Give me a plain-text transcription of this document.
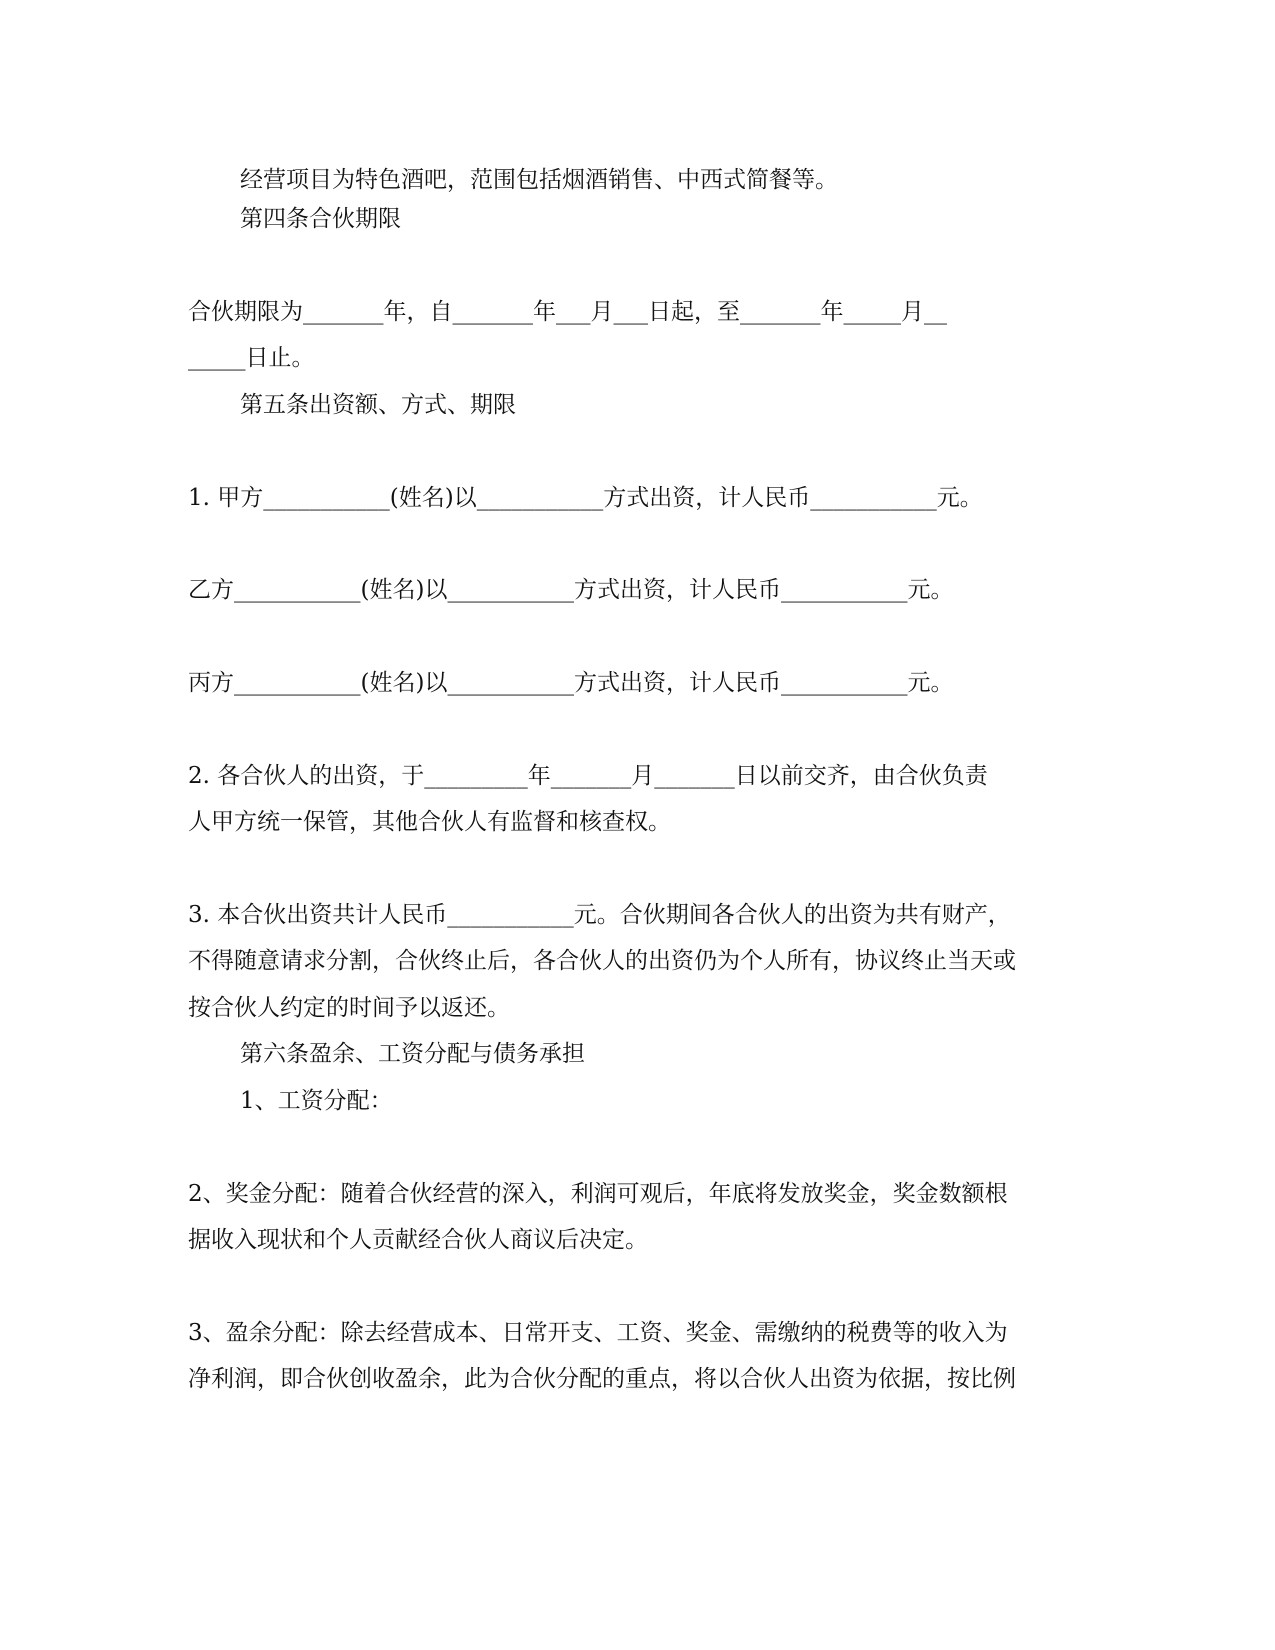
经营项目为特色酒吧，范围包括烟酒销售、中西式简餐等。
第四条合伙期限
合伙期限为_______年，自_______年___月___日起，至_______年_____月__
_____日止。
第五条出资额、方式、期限
1. 甲方___________(姓名)以___________方式出资，计人民币___________元。
乙方___________(姓名)以___________方式出资，计人民币___________元。
丙方___________(姓名)以___________方式出资，计人民币___________元。
2. 各合伙人的出资，于_________年_______月_______日以前交齐，由合伙负责
人甲方统一保管，其他合伙人有监督和核查权。
3. 本合伙出资共计人民币___________元。合伙期间各合伙人的出资为共有财产，
不得随意请求分割，合伙终止后，各合伙人的出资仍为个人所有，协议终止当天或
按合伙人约定的时间予以返还。
第六条盈余、工资分配与债务承担
1、工资分配：
2、奖金分配：随着合伙经营的深入，利润可观后，年底将发放奖金，奖金数额根
据收入现状和个人贡献经合伙人商议后决定。
3、盈余分配：除去经营成本、日常开支、工资、奖金、需缴纳的税费等的收入为
净利润，即合伙创收盈余，此为合伙分配的重点，将以合伙人出资为依据，按比例
